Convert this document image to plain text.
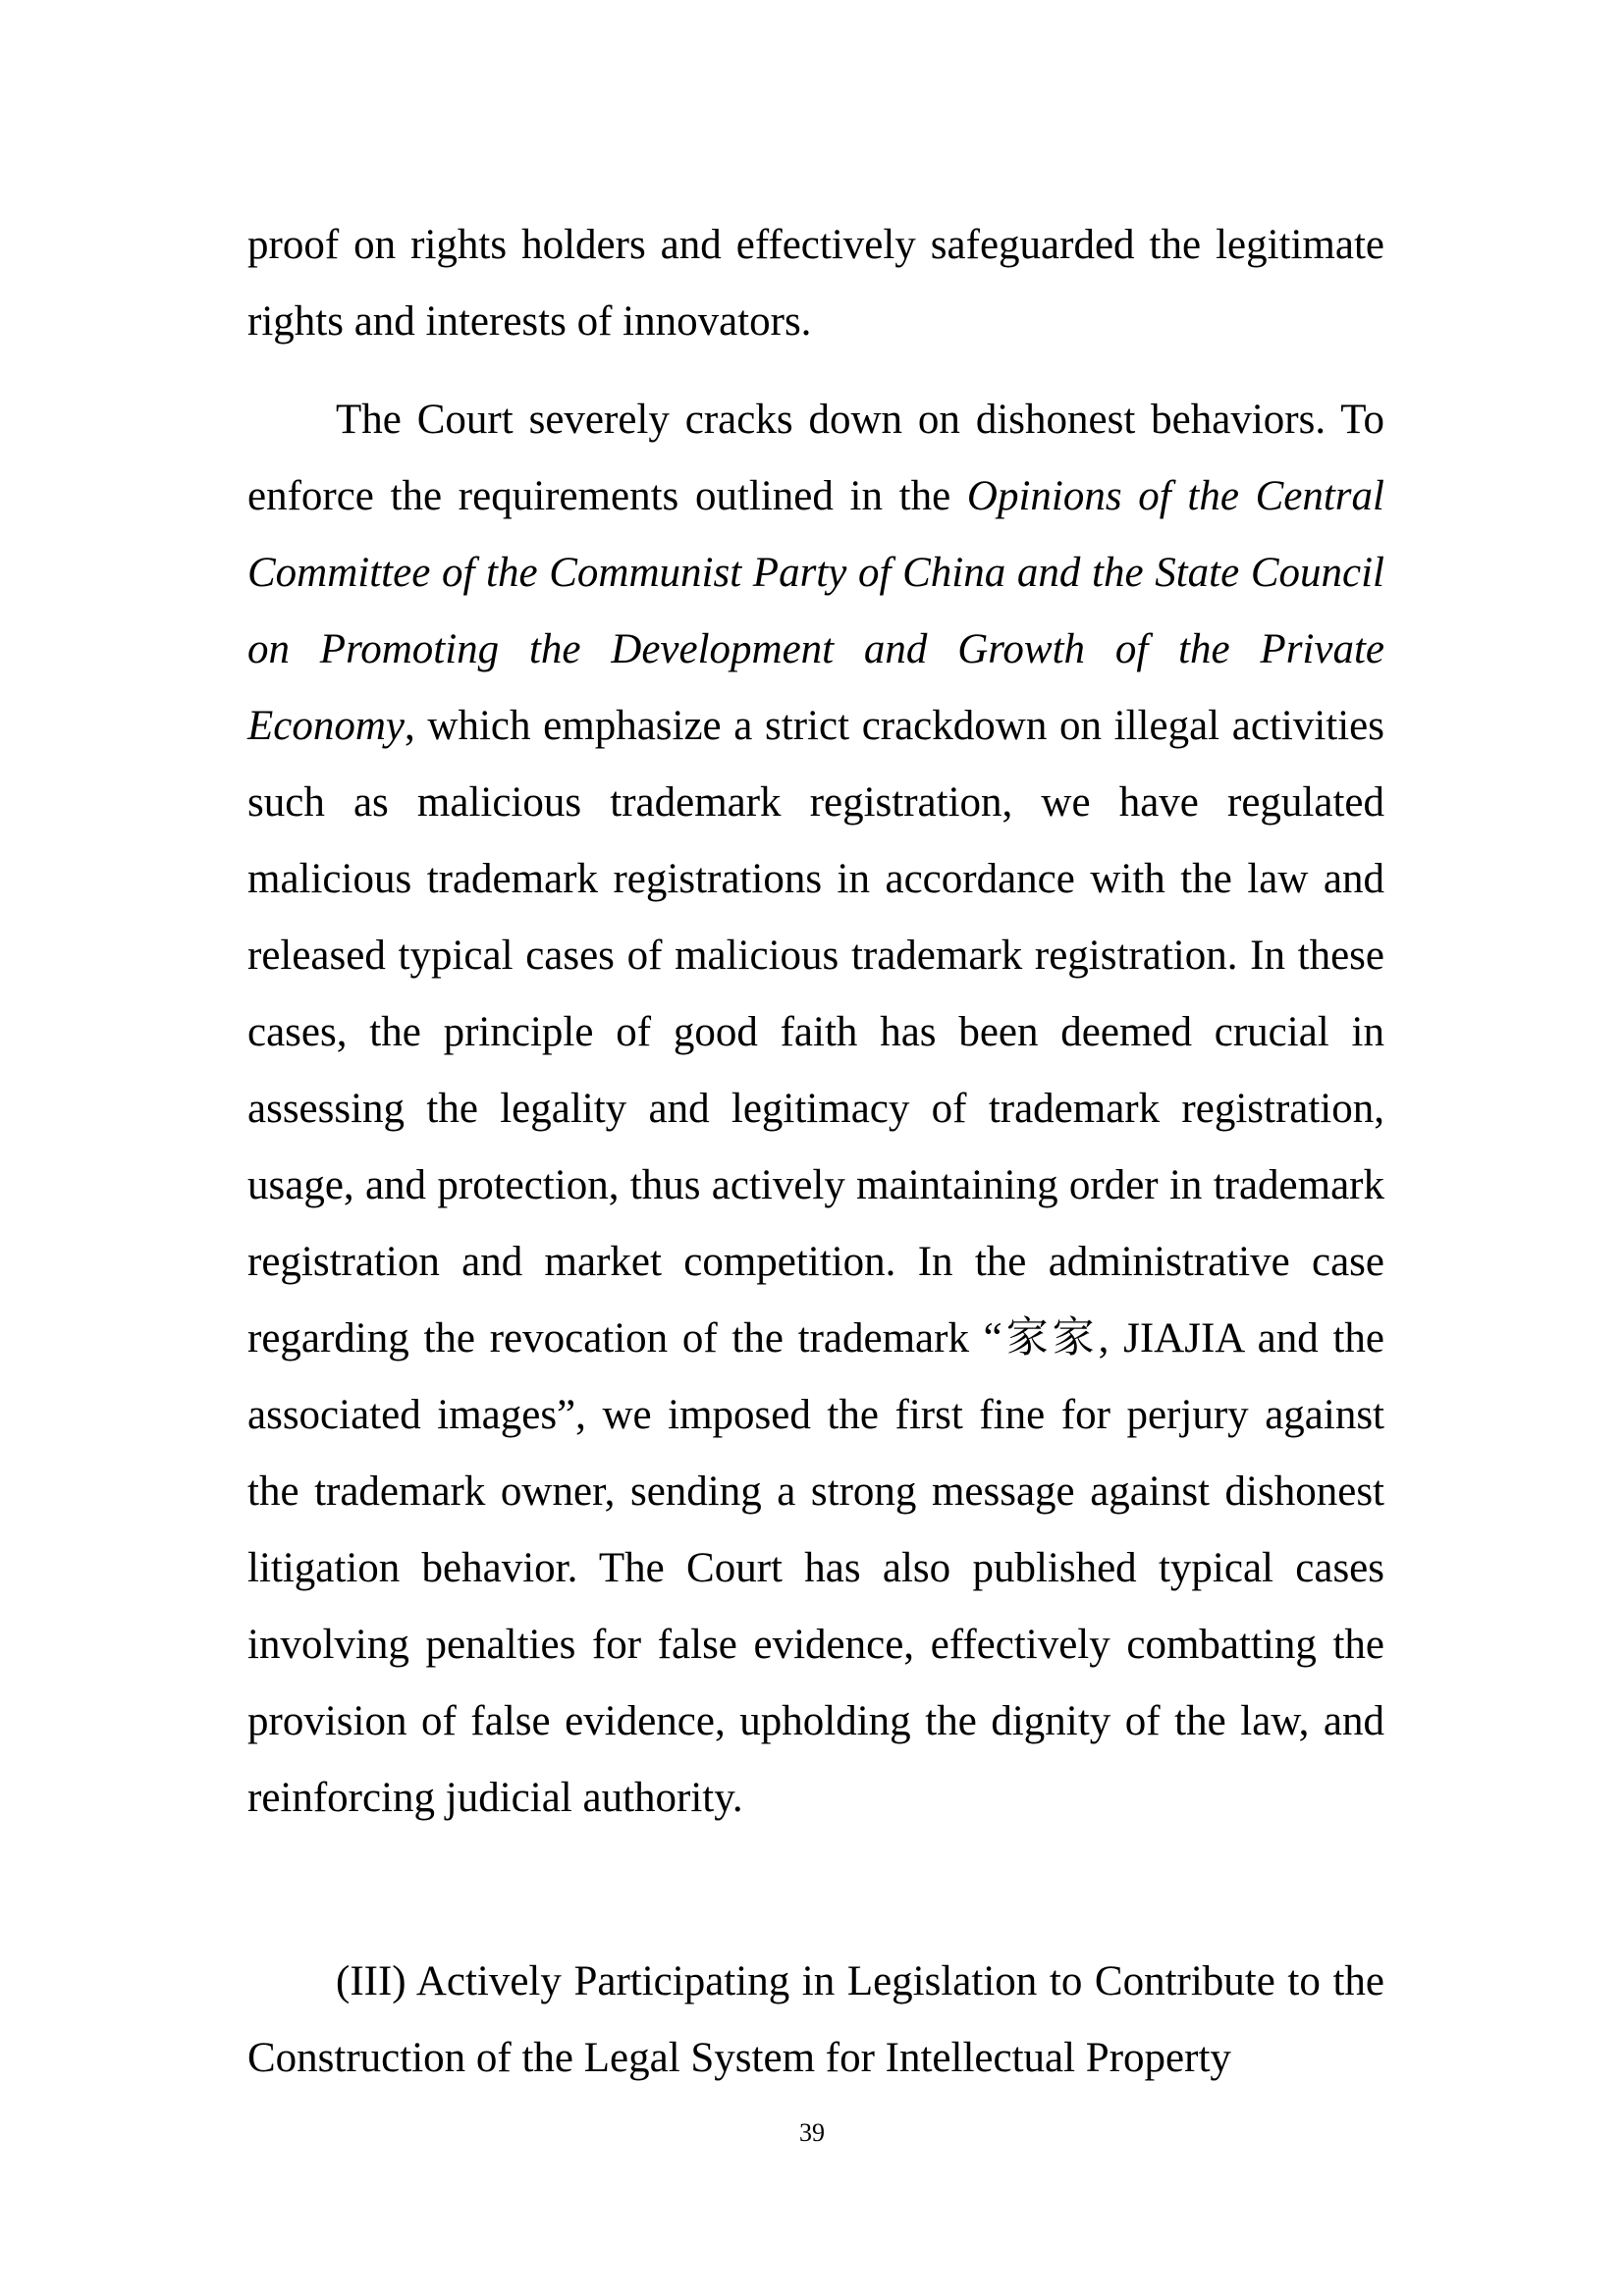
proof on rights holders and effectively safeguarded the legitimate rights and interests of innovators.

The Court severely cracks down on dishonest behaviors. To enforce the requirements outlined in the Opinions of the Central Committee of the Communist Party of China and the State Council on Promoting the Development and Growth of the Private Economy, which emphasize a strict crackdown on illegal activities such as malicious trademark registration, we have regulated malicious trademark registrations in accordance with the law and released typical cases of malicious trademark registration. In these cases, the principle of good faith has been deemed crucial in assessing the legality and legitimacy of trademark registration, usage, and protection, thus actively maintaining order in trademark registration and market competition. In the administrative case regarding the revocation of the trademark “家家, JIAJIA and the associated images”, we imposed the first fine for perjury against the trademark owner, sending a strong message against dishonest litigation behavior. The Court has also published typical cases involving penalties for false evidence, effectively combatting the provision of false evidence, upholding the dignity of the law, and reinforcing judicial authority.

(III) Actively Participating in Legislation to Contribute to the Construction of the Legal System for Intellectual Property

39
